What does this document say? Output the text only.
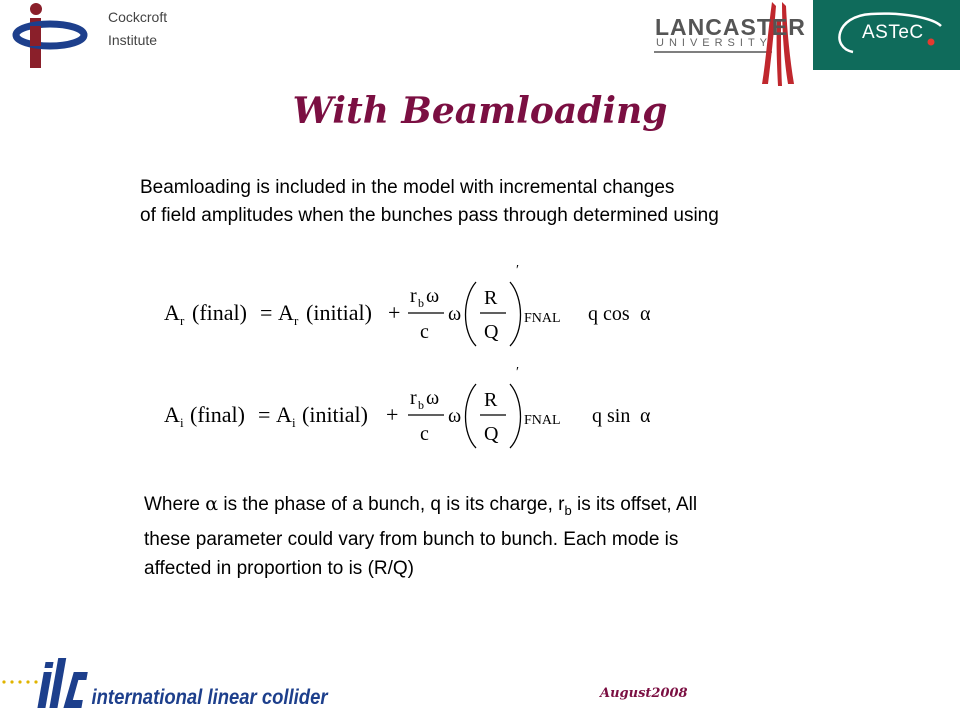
Cockcroft
Institute	LANCASTER
UNIVERSITY	ASTeC
With Beamloading
Beamloading is included in the model with incremental changes
of field amplitudes when the bunches pass through determined using
A r (final) = A r (initial) +
r b ω
c
ω
R
Q
′
FNAL q cos α
A i (final) = A i (initial) +
r b ω
c
ω
R
Q
′
FNAL q sin α
Where α is the phase of a bunch, q is its charge, $r_b$ is its offset, All
these parameter could vary from bunch to bunch. Each mode is
affected in proportion to is (R/Q)
international linear collider	August2008
